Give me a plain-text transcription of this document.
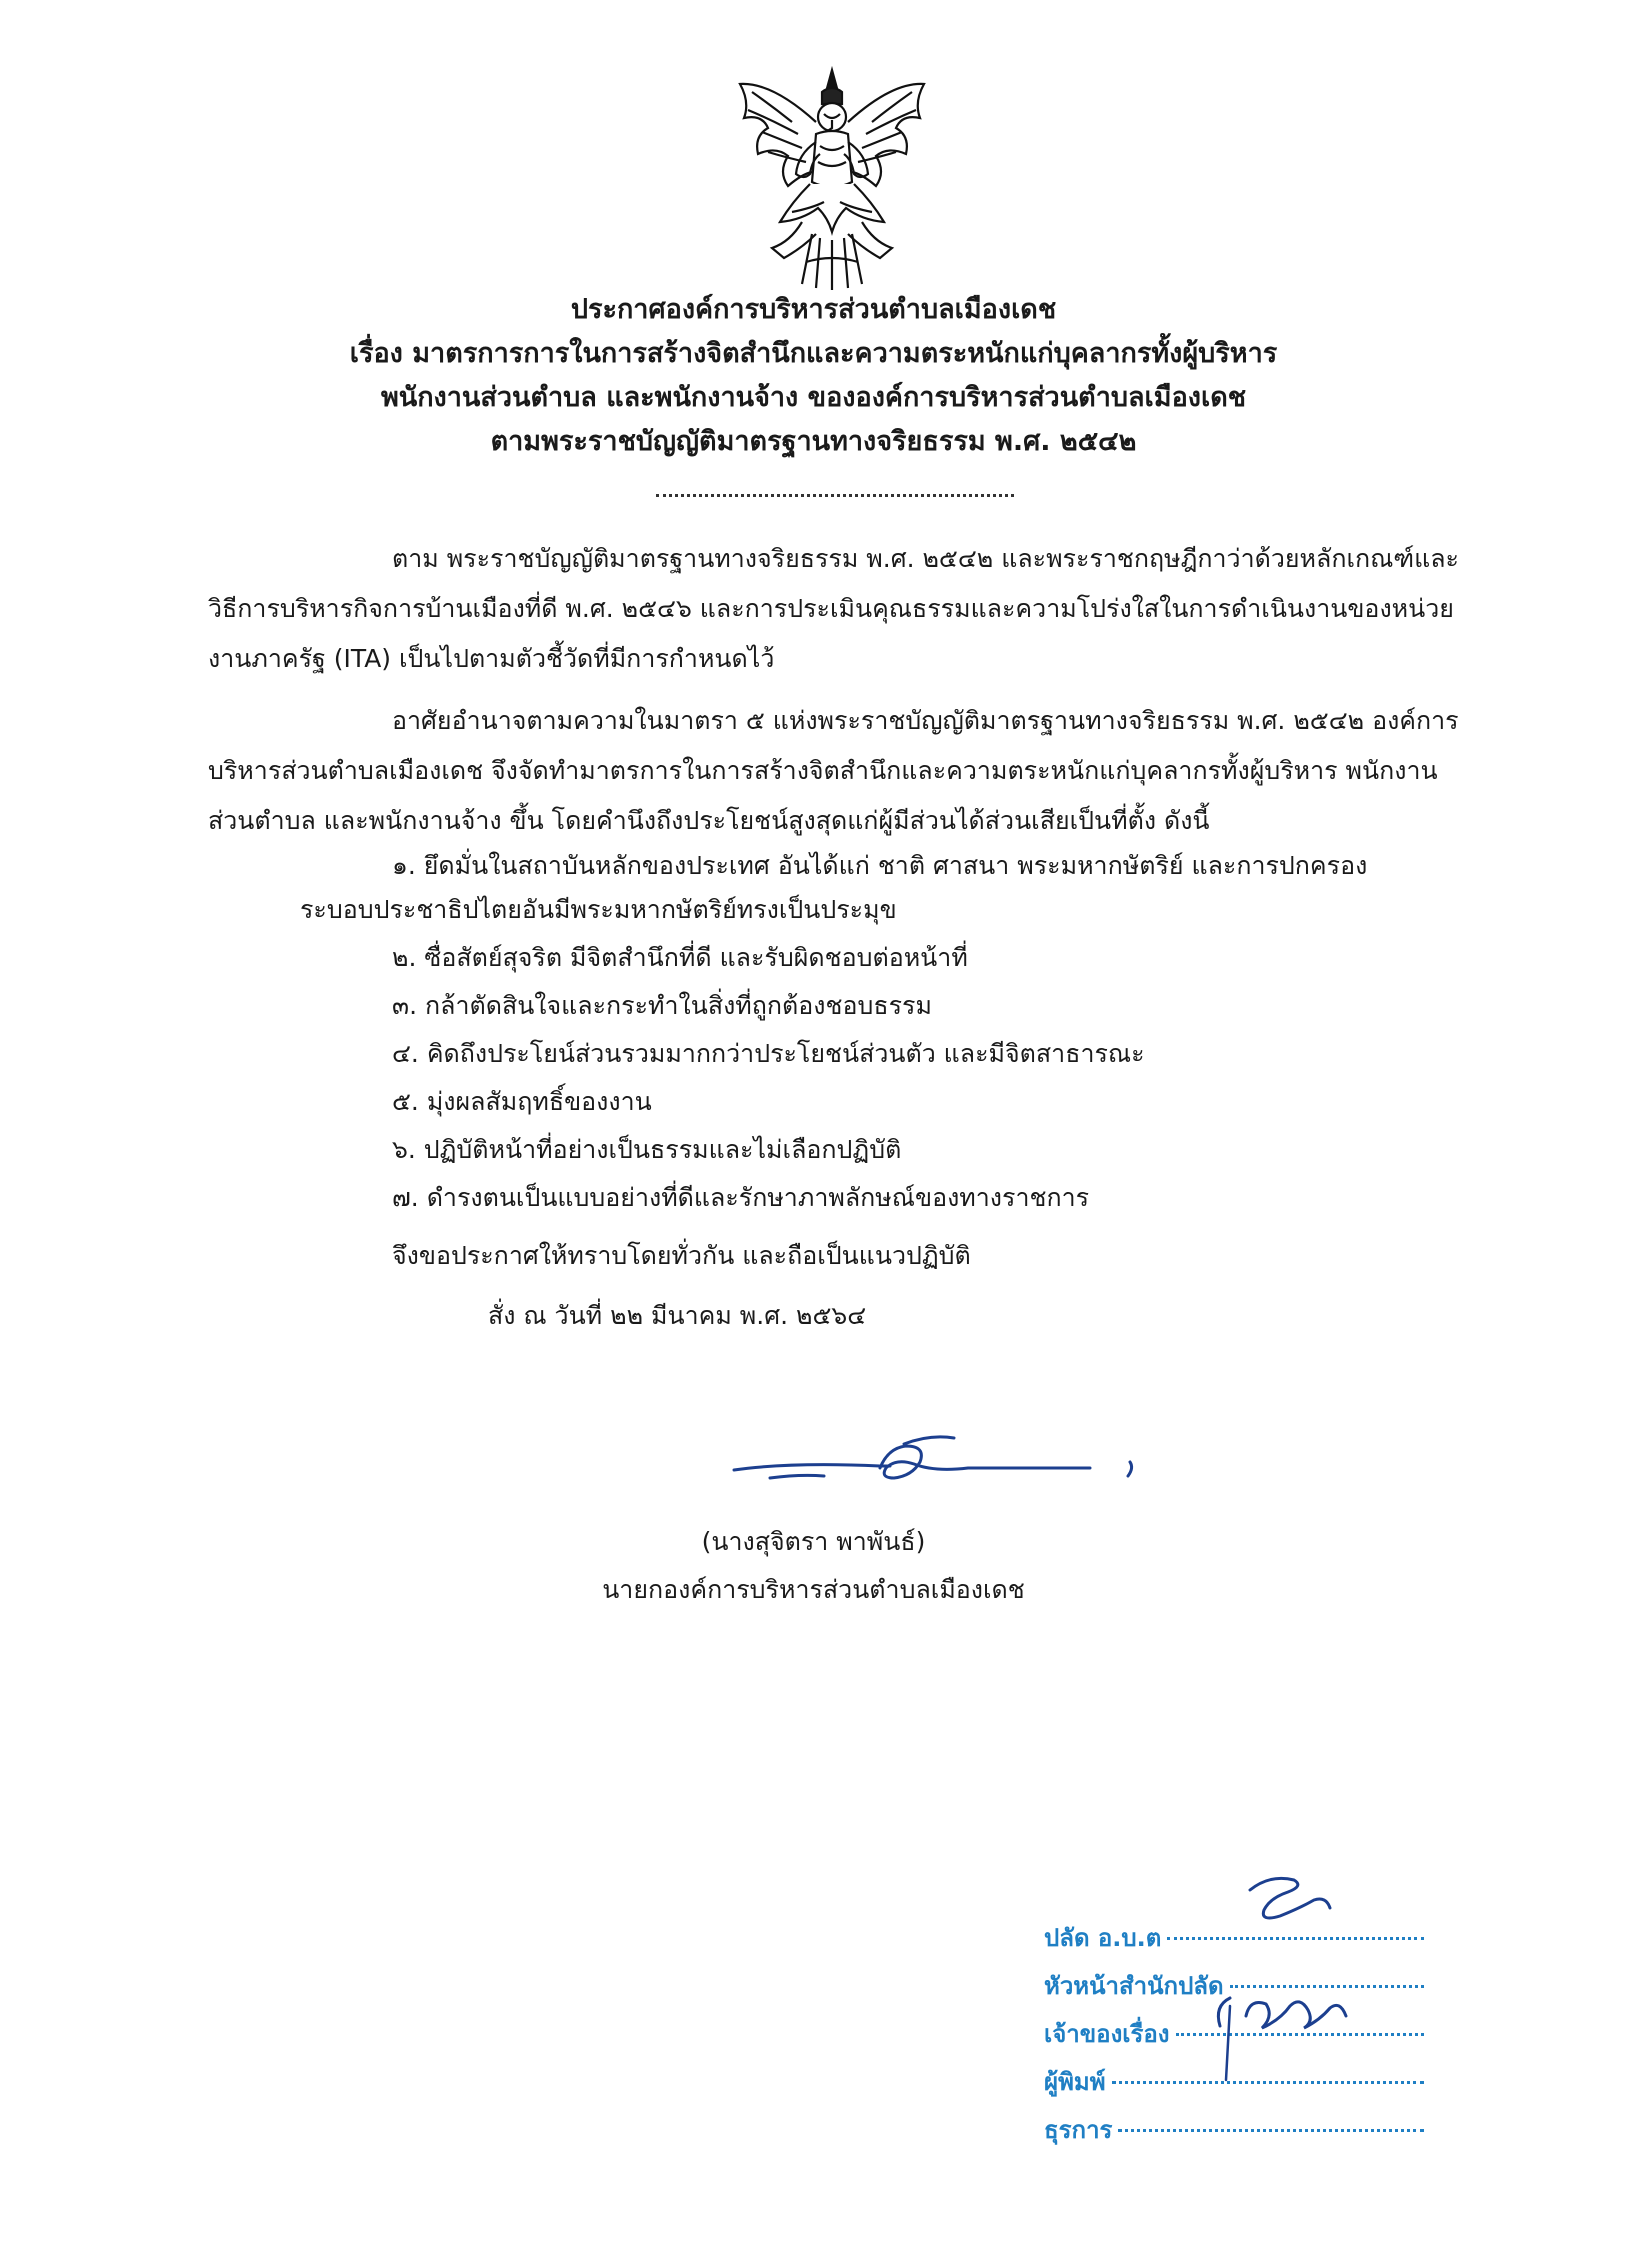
ประกาศองค์การบริหารส่วนตำบลเมืองเดช
เรื่อง มาตรการการในการสร้างจิตสำนึกและความตระหนักแก่บุคลากรทั้งผู้บริหาร
พนักงานส่วนตำบล และพนักงานจ้าง ขององค์การบริหารส่วนตำบลเมืองเดช
ตามพระราชบัญญัติมาตรฐานทางจริยธรรม พ.ศ. ๒๕๔๒

ตาม พระราชบัญญัติมาตรฐานทางจริยธรรม พ.ศ. ๒๕๔๒ และพระราชกฤษฎีกาว่าด้วยหลักเกณฑ์และวิธีการบริหารกิจการบ้านเมืองที่ดี พ.ศ. ๒๕๔๖ และการประเมินคุณธรรมและความโปร่งใสในการดำเนินงานของหน่วยงานภาครัฐ (ITA) เป็นไปตามตัวชี้วัดที่มีการกำหนดไว้

อาศัยอำนาจตามความในมาตรา ๕ แห่งพระราชบัญญัติมาตรฐานทางจริยธรรม พ.ศ. ๒๕๔๒ องค์การบริหารส่วนตำบลเมืองเดช จึงจัดทำมาตรการในการสร้างจิตสำนึกและความตระหนักแก่บุคลากรทั้งผู้บริหาร พนักงานส่วนตำบล และพนักงานจ้าง ขึ้น โดยคำนึงถึงประโยชน์สูงสุดแก่ผู้มีส่วนได้ส่วนเสียเป็นที่ตั้ง ดังนี้

๑. ยึดมั่นในสถาบันหลักของประเทศ อันได้แก่ ชาติ ศาสนา พระมหากษัตริย์ และการปกครอง
ระบอบประชาธิปไตยอันมีพระมหากษัตริย์ทรงเป็นประมุข
๒. ซื่อสัตย์สุจริต มีจิตสำนึกที่ดี และรับผิดชอบต่อหน้าที่
๓. กล้าตัดสินใจและกระทำในสิ่งที่ถูกต้องชอบธรรม
๔. คิดถึงประโยน์ส่วนรวมมากกว่าประโยชน์ส่วนตัว และมีจิตสาธารณะ
๕. มุ่งผลสัมฤทธิ์ของงาน
๖. ปฏิบัติหน้าที่อย่างเป็นธรรมและไม่เลือกปฏิบัติ
๗. ดำรงตนเป็นแบบอย่างที่ดีและรักษาภาพลักษณ์ของทางราชการ
จึงขอประกาศให้ทราบโดยทั่วกัน และถือเป็นแนวปฏิบัติ
สั่ง ณ วันที่ ๒๒ มีนาคม พ.ศ. ๒๕๖๔
(นางสุจิตรา พาพันธ์)
นายกองค์การบริหารส่วนตำบลเมืองเดช
ปลัด อ.บ.ต
หัวหน้าสำนักปลัด
เจ้าของเรื่อง
ผู้พิมพ์
ธุรการ
